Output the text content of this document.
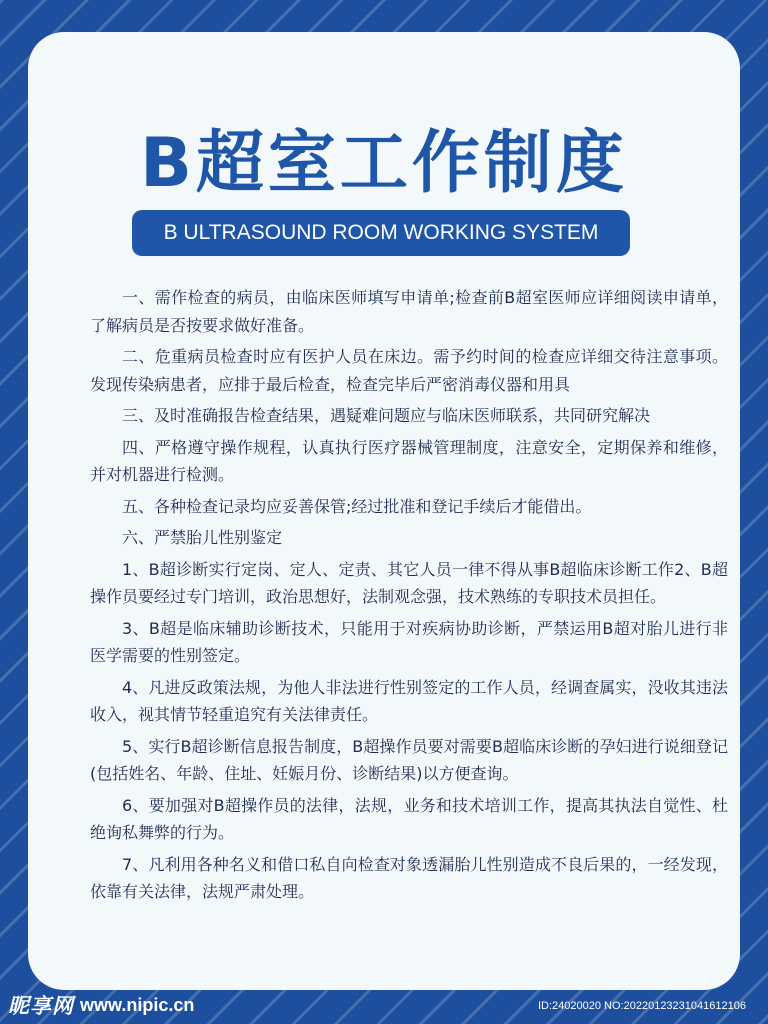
B超室工作制度
B ULTRASOUND ROOM WORKING SYSTEM

一、需作检查的病员，由临床医师填写申请单;检查前B超室医师应详细阅读申请单，了解病员是否按要求做好准备。

二、危重病员检查时应有医护人员在床边。需予约时间的检查应详细交待注意事项。发现传染病患者，应排于最后检查，检查完毕后严密消毒仪器和用具

三、及时准确报告检查结果，遇疑难问题应与临床医师联系，共同研究解决

四、严格遵守操作规程，认真执行医疗器械管理制度，注意安全，定期保养和维修，并对机器进行检测。

五、各种检查记录均应妥善保管;经过批准和登记手续后才能借出。

六、严禁胎儿性别鉴定

1、B超诊断实行定岗、定人、定责、其它人员一律不得从事B超临床诊断工作2、B超操作员要经过专门培训，政治思想好，法制观念强，技术熟练的专职技术员担任。

3、B超是临床辅助诊断技术，只能用于对疾病协助诊断，严禁运用B超对胎儿进行非医学需要的性别签定。

4、凡进反政策法规，为他人非法进行性别签定的工作人员，经调查属实，没收其违法收入，视其情节轻重追究有关法律责任。

5、实行B超诊断信息报告制度，B超操作员要对需要B超临床诊断的孕妇进行说细登记(包括姓名、年龄、住址、妊娠月份、诊断结果)以方便查询。

6、要加强对B超操作员的法律，法规，业务和技术培训工作，提高其执法自觉性、杜绝询私舞弊的行为。

7、凡利用各种名义和借口私自向检查对象透漏胎儿性别造成不良后果的，一经发现，依靠有关法律，法规严肃处理。

昵享网 www.nipic.cn	ID:24020020 NO:20220123231041612106
